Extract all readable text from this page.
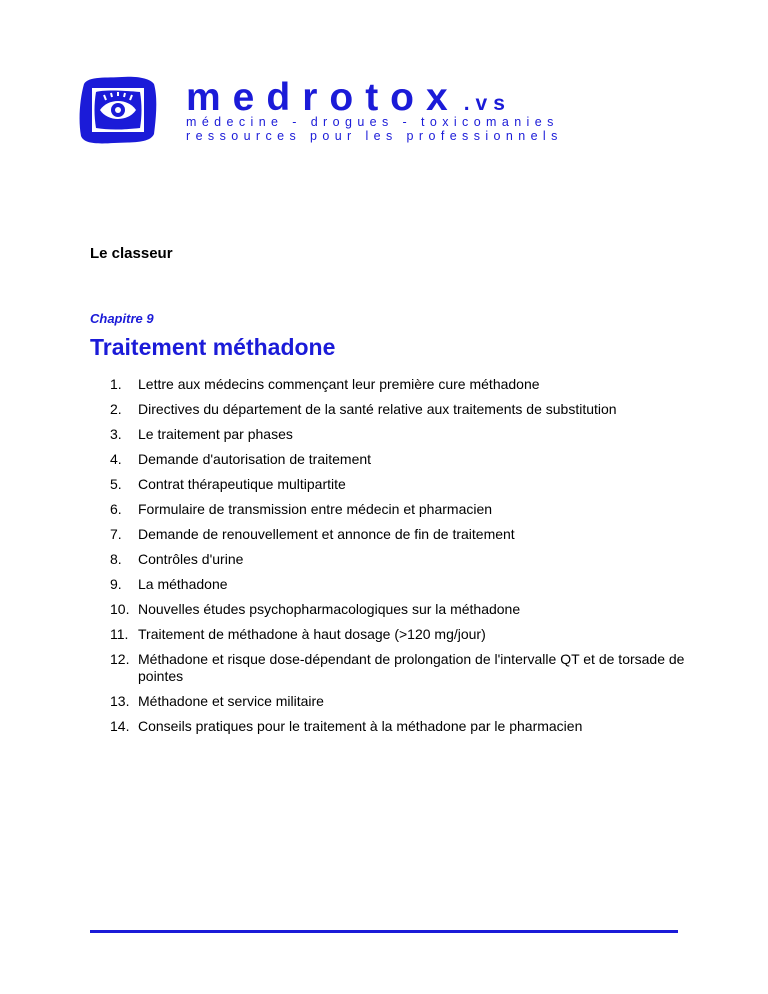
medrotox .vs
médecine - drogues - toxicomanies
ressources pour les professionnels
Le classeur
Chapitre 9
Traitement méthadone
1.	Lettre aux médecins commençant leur première cure méthadone
2.	Directives du département de la santé relative aux traitements de substitution
3.	Le traitement par phases
4.	Demande d'autorisation de traitement
5.	Contrat thérapeutique multipartite
6.	Formulaire de transmission entre médecin et pharmacien
7.	Demande de renouvellement et annonce de fin de traitement
8.	Contrôles d'urine
9.	La méthadone
10. Nouvelles études psychopharmacologiques sur la méthadone
11. Traitement de méthadone à haut dosage (>120 mg/jour)
12. Méthadone et risque dose-dépendant de prolongation de l'intervalle QT et de torsade de pointes
13. Méthadone et service militaire
14. Conseils pratiques pour le traitement à la méthadone par le pharmacien
